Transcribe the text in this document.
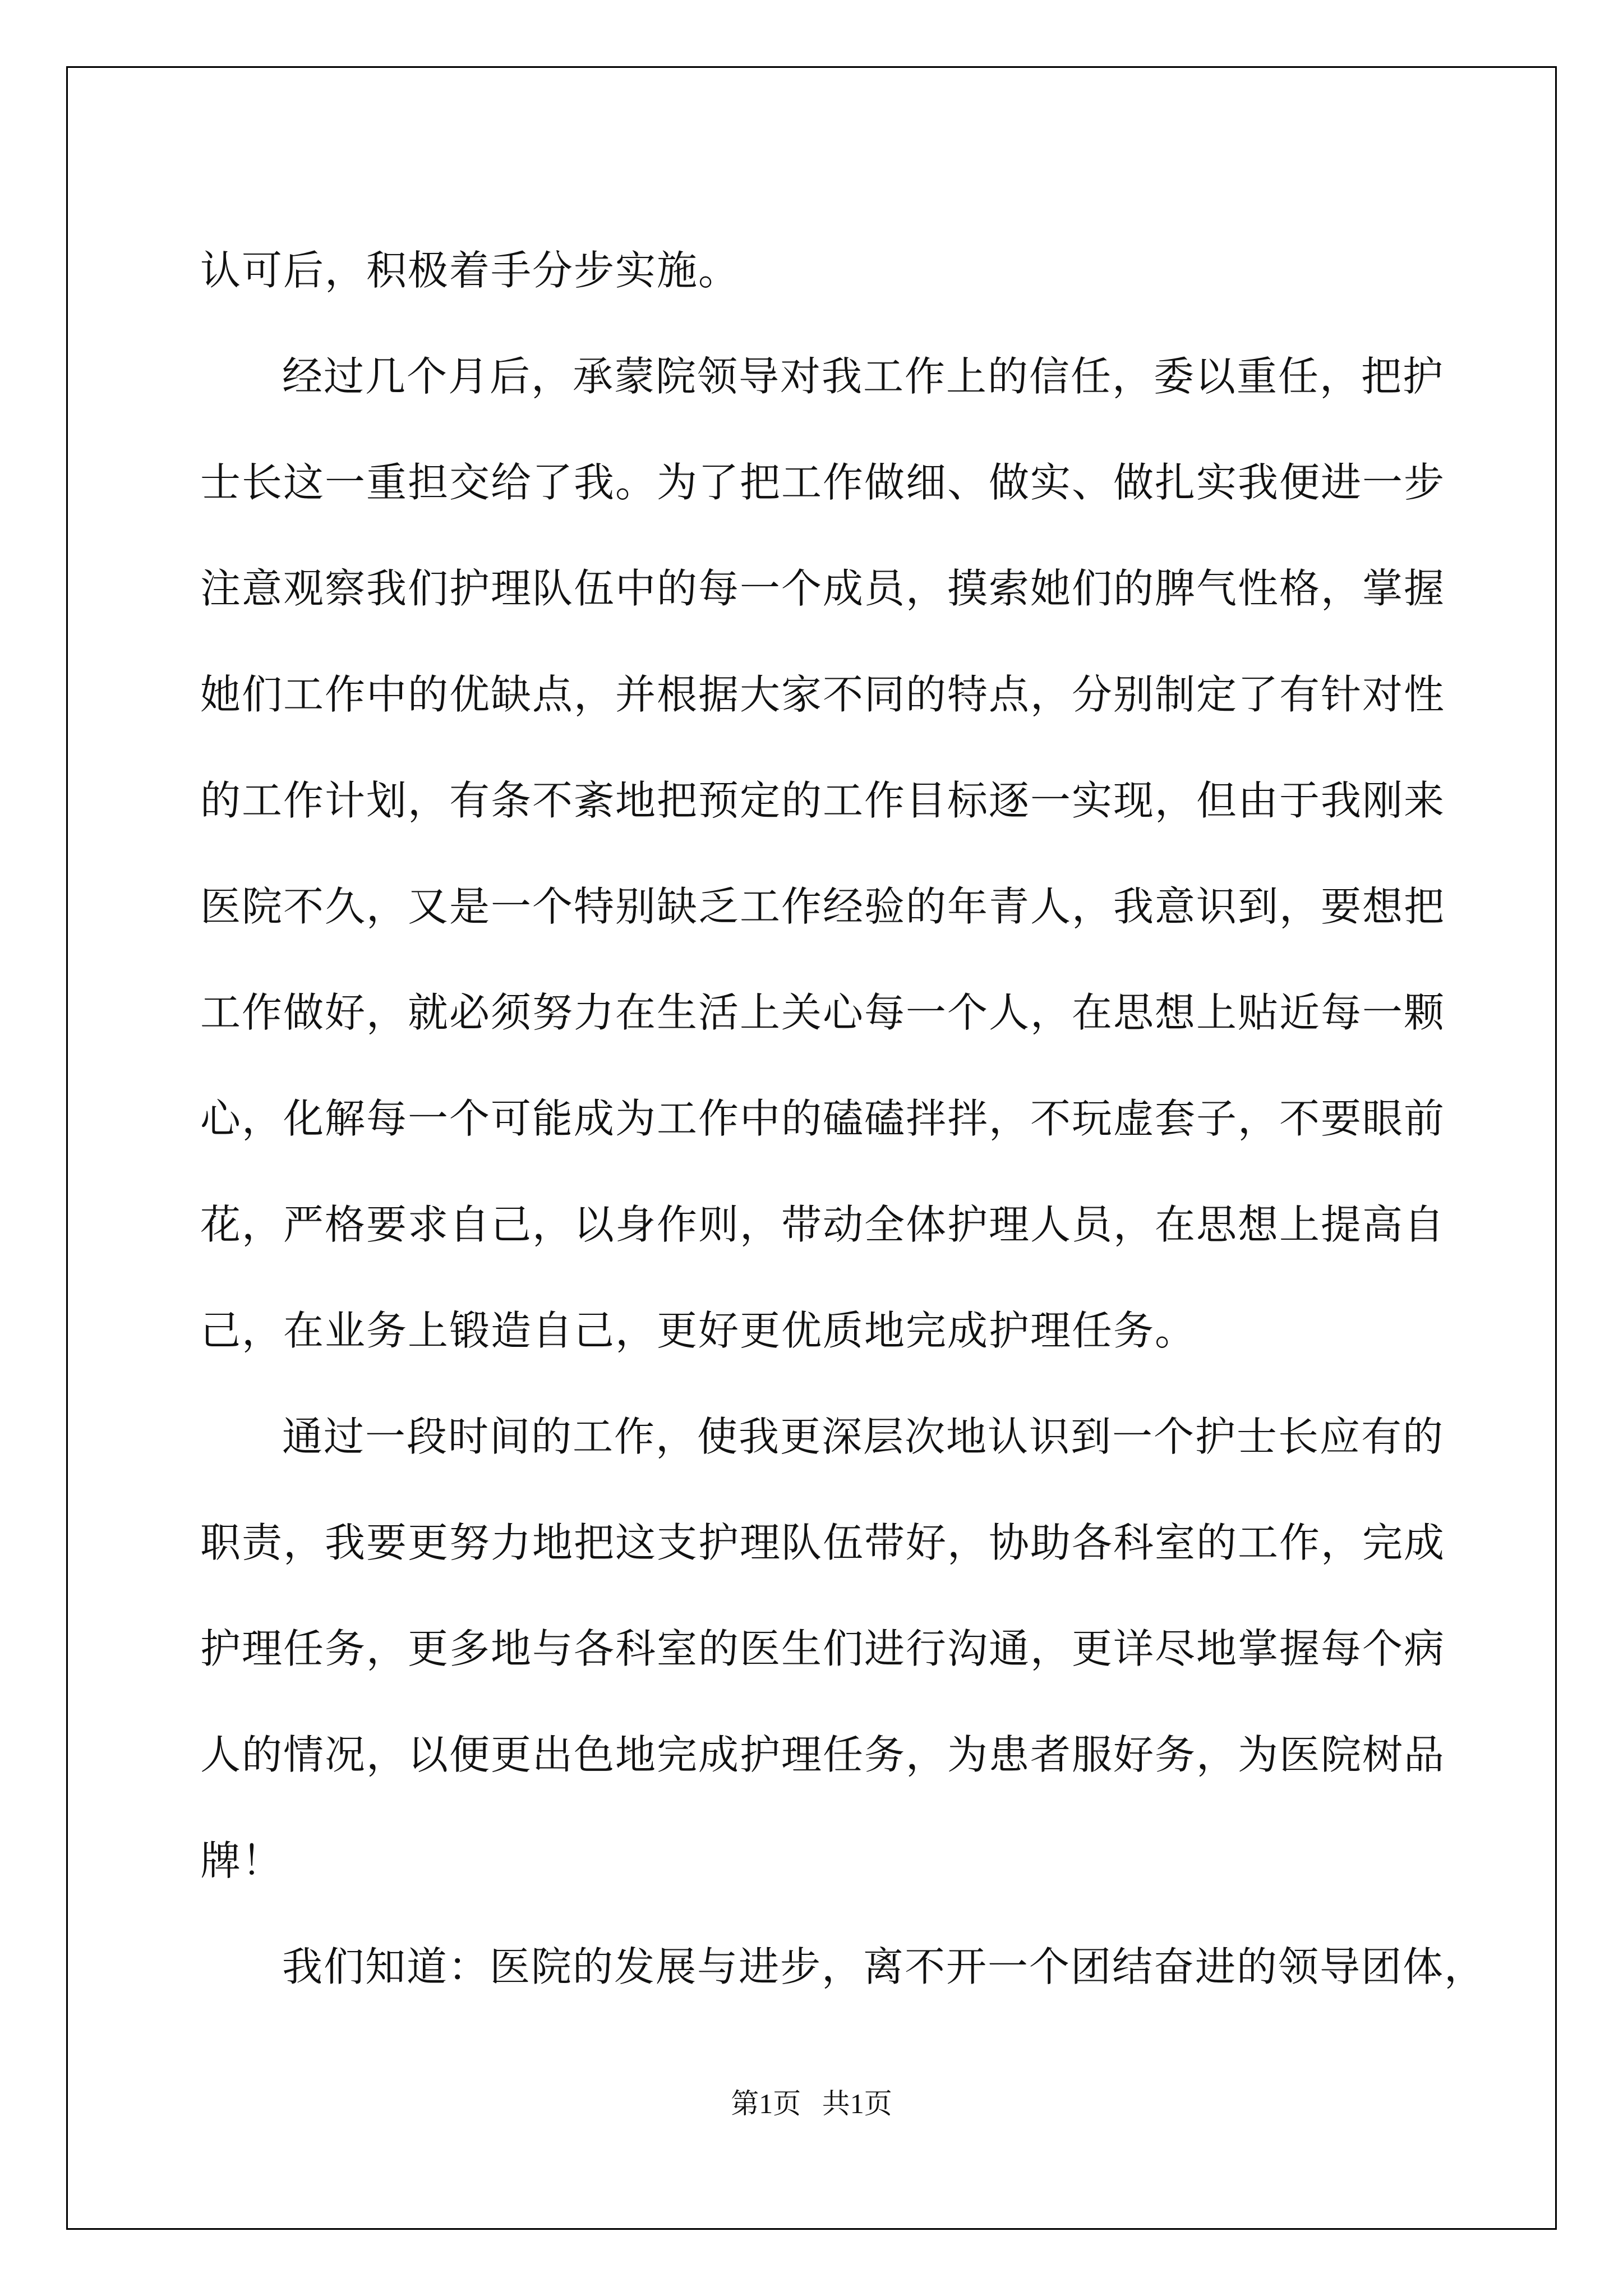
认可后，积极着手分步实施。
经过几个月后，承蒙院领导对我工作上的信任，委以重任，把护
士长这一重担交给了我。为了把工作做细、做实、做扎实我便进一步
注意观察我们护理队伍中的每一个成员，摸索她们的脾气性格，掌握
她们工作中的优缺点，并根据大家不同的特点，分别制定了有针对性
的工作计划，有条不紊地把预定的工作目标逐一实现，但由于我刚来
医院不久，又是一个特别缺乏工作经验的年青人，我意识到，要想把
工作做好，就必须努力在生活上关心每一个人，在思想上贴近每一颗
心，化解每一个可能成为工作中的磕磕拌拌，不玩虚套子，不要眼前
花，严格要求自己，以身作则，带动全体护理人员，在思想上提高自
己，在业务上锻造自己，更好更优质地完成护理任务。
通过一段时间的工作，使我更深层次地认识到一个护士长应有的
职责，我要更努力地把这支护理队伍带好，协助各科室的工作，完成
护理任务，更多地与各科室的医生们进行沟通，更详尽地掌握每个病
人的情况，以便更出色地完成护理任务，为患者服好务，为医院树品
牌！
我们知道：医院的发展与进步，离不开一个团结奋进的领导团体，
第1页 共1页
